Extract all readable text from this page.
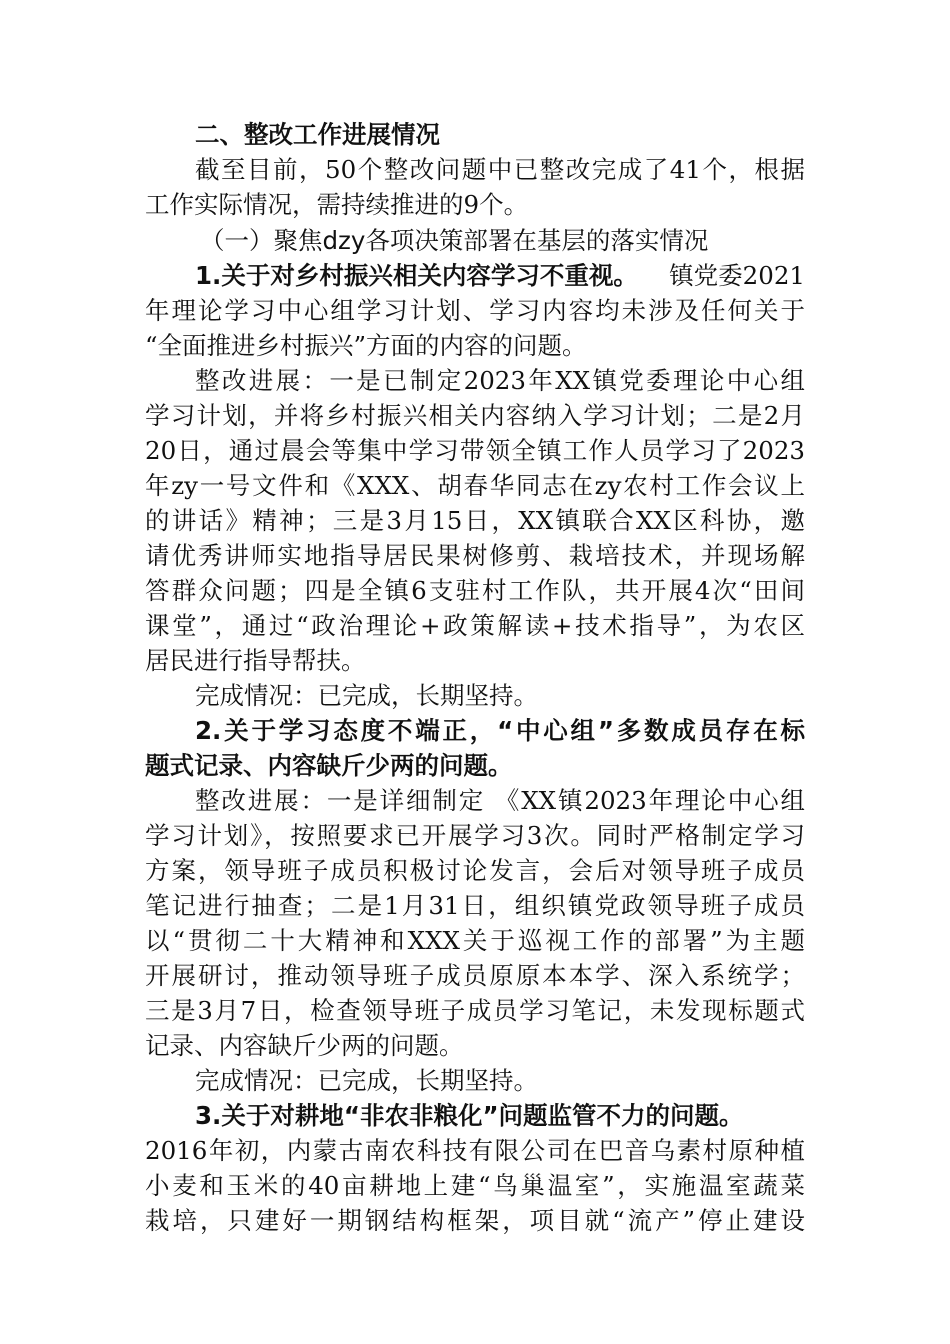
二、整改工作进展情况
截至目前，50个整改问题中已整改完成了41个，根据
工作实际情况，需持续推进的9个。
（一）聚焦dzy各项决策部署在基层的落实情况
1.关于对乡村振兴相关内容学习不重视。 镇党委2021
年理论学习中心组学习计划、学习内容均未涉及任何关于
“全面推进乡村振兴”方面的内容的问题。
整改进展：一是已制定2023年XX镇党委理论中心组
学习计划，并将乡村振兴相关内容纳入学习计划；二是2月
20日，通过晨会等集中学习带领全镇工作人员学习了2023
年zy一号文件和《XXX、胡春华同志在zy农村工作会议上
的讲话》精神；三是3月15日，XX镇联合XX区科协，邀
请优秀讲师实地指导居民果树修剪、栽培技术，并现场解
答群众问题；四是全镇6支驻村工作队，共开展4次“田间
课堂”，通过“政治理论+政策解读+技术指导”，为农区
居民进行指导帮扶。
完成情况：已完成，长期坚持。
2.关于学习态度不端正，“中心组”多数成员存在标
题式记录、内容缺斤少两的问题。
整改进展：一是详细制定 《XX镇2023年理论中心组
学习计划》，按照要求已开展学习3次。同时严格制定学习
方案，领导班子成员积极讨论发言，会后对领导班子成员
笔记进行抽查；二是1月31日，组织镇党政领导班子成员
以“贯彻二十大精神和XXX关于巡视工作的部署”为主题
开展研讨，推动领导班子成员原原本本学、深入系统学；
三是3月7日，检查领导班子成员学习笔记，未发现标题式
记录、内容缺斤少两的问题。
完成情况：已完成，长期坚持。
3.关于对耕地“非农非粮化”问题监管不力的问题。
2016年初，内蒙古南农科技有限公司在巴音乌素村原种植
小麦和玉米的40亩耕地上建“鸟巢温室”，实施温室蔬菜
栽培，只建好一期钢结构框架，项目就“流产”停止建设
